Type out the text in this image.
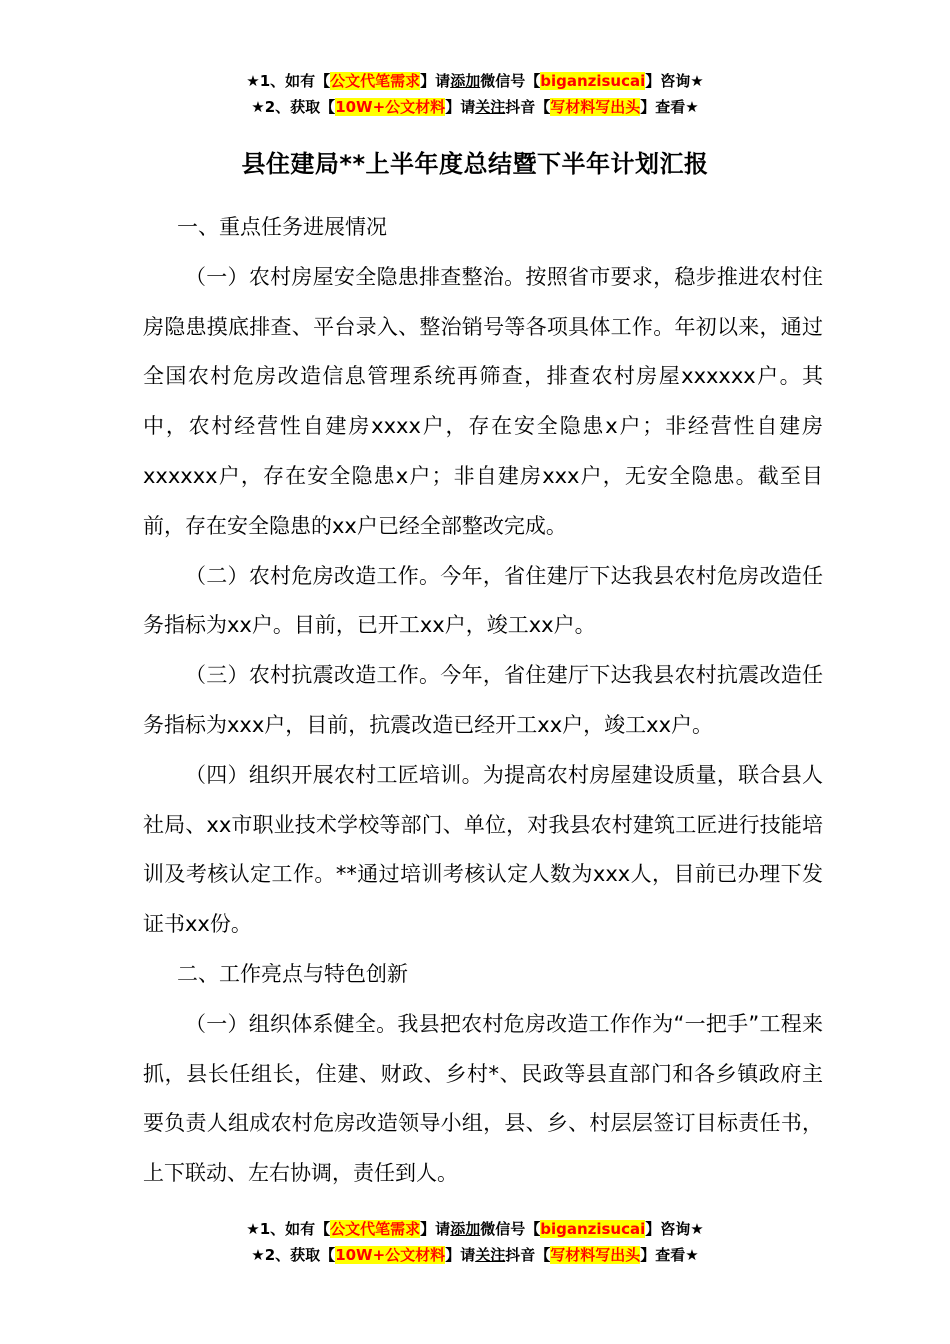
★1、如有【公文代笔需求】请添加微信号【biganzisucai】咨询★
★2、获取【10W+公文材料】请关注抖音【写材料写出头】查看★
县住建局**上半年度总结暨下半年计划汇报

一、重点任务进展情况

（一）农村房屋安全隐患排查整治。按照省市要求，稳步推进农村住房隐患摸底排查、平台录入、整治销号等各项具体工作。年初以来，通过全国农村危房改造信息管理系统再筛查，排查农村房屋xxxxxx户。其中，农村经营性自建房xxxx户，存在安全隐患x户；非经营性自建房xxxxxx户，存在安全隐患x户；非自建房xxx户，无安全隐患。截至目前，存在安全隐患的xx户已经全部整改完成。

（二）农村危房改造工作。今年，省住建厅下达我县农村危房改造任务指标为xx户。目前，已开工xx户，竣工xx户。

（三）农村抗震改造工作。今年，省住建厅下达我县农村抗震改造任务指标为xxx户，目前，抗震改造已经开工xx户，竣工xx户。

（四）组织开展农村工匠培训。为提高农村房屋建设质量，联合县人社局、xx市职业技术学校等部门、单位，对我县农村建筑工匠进行技能培训及考核认定工作。**通过培训考核认定人数为xxx人，目前已办理下发证书xx份。

二、工作亮点与特色创新

（一）组织体系健全。我县把农村危房改造工作作为“一把手”工程来抓，县长任组长，住建、财政、乡村*、民政等县直部门和各乡镇政府主要负责人组成农村危房改造领导小组，县、乡、村层层签订目标责任书，上下联动、左右协调，责任到人。

★1、如有【公文代笔需求】请添加微信号【biganzisucai】咨询★
★2、获取【10W+公文材料】请关注抖音【写材料写出头】查看★
